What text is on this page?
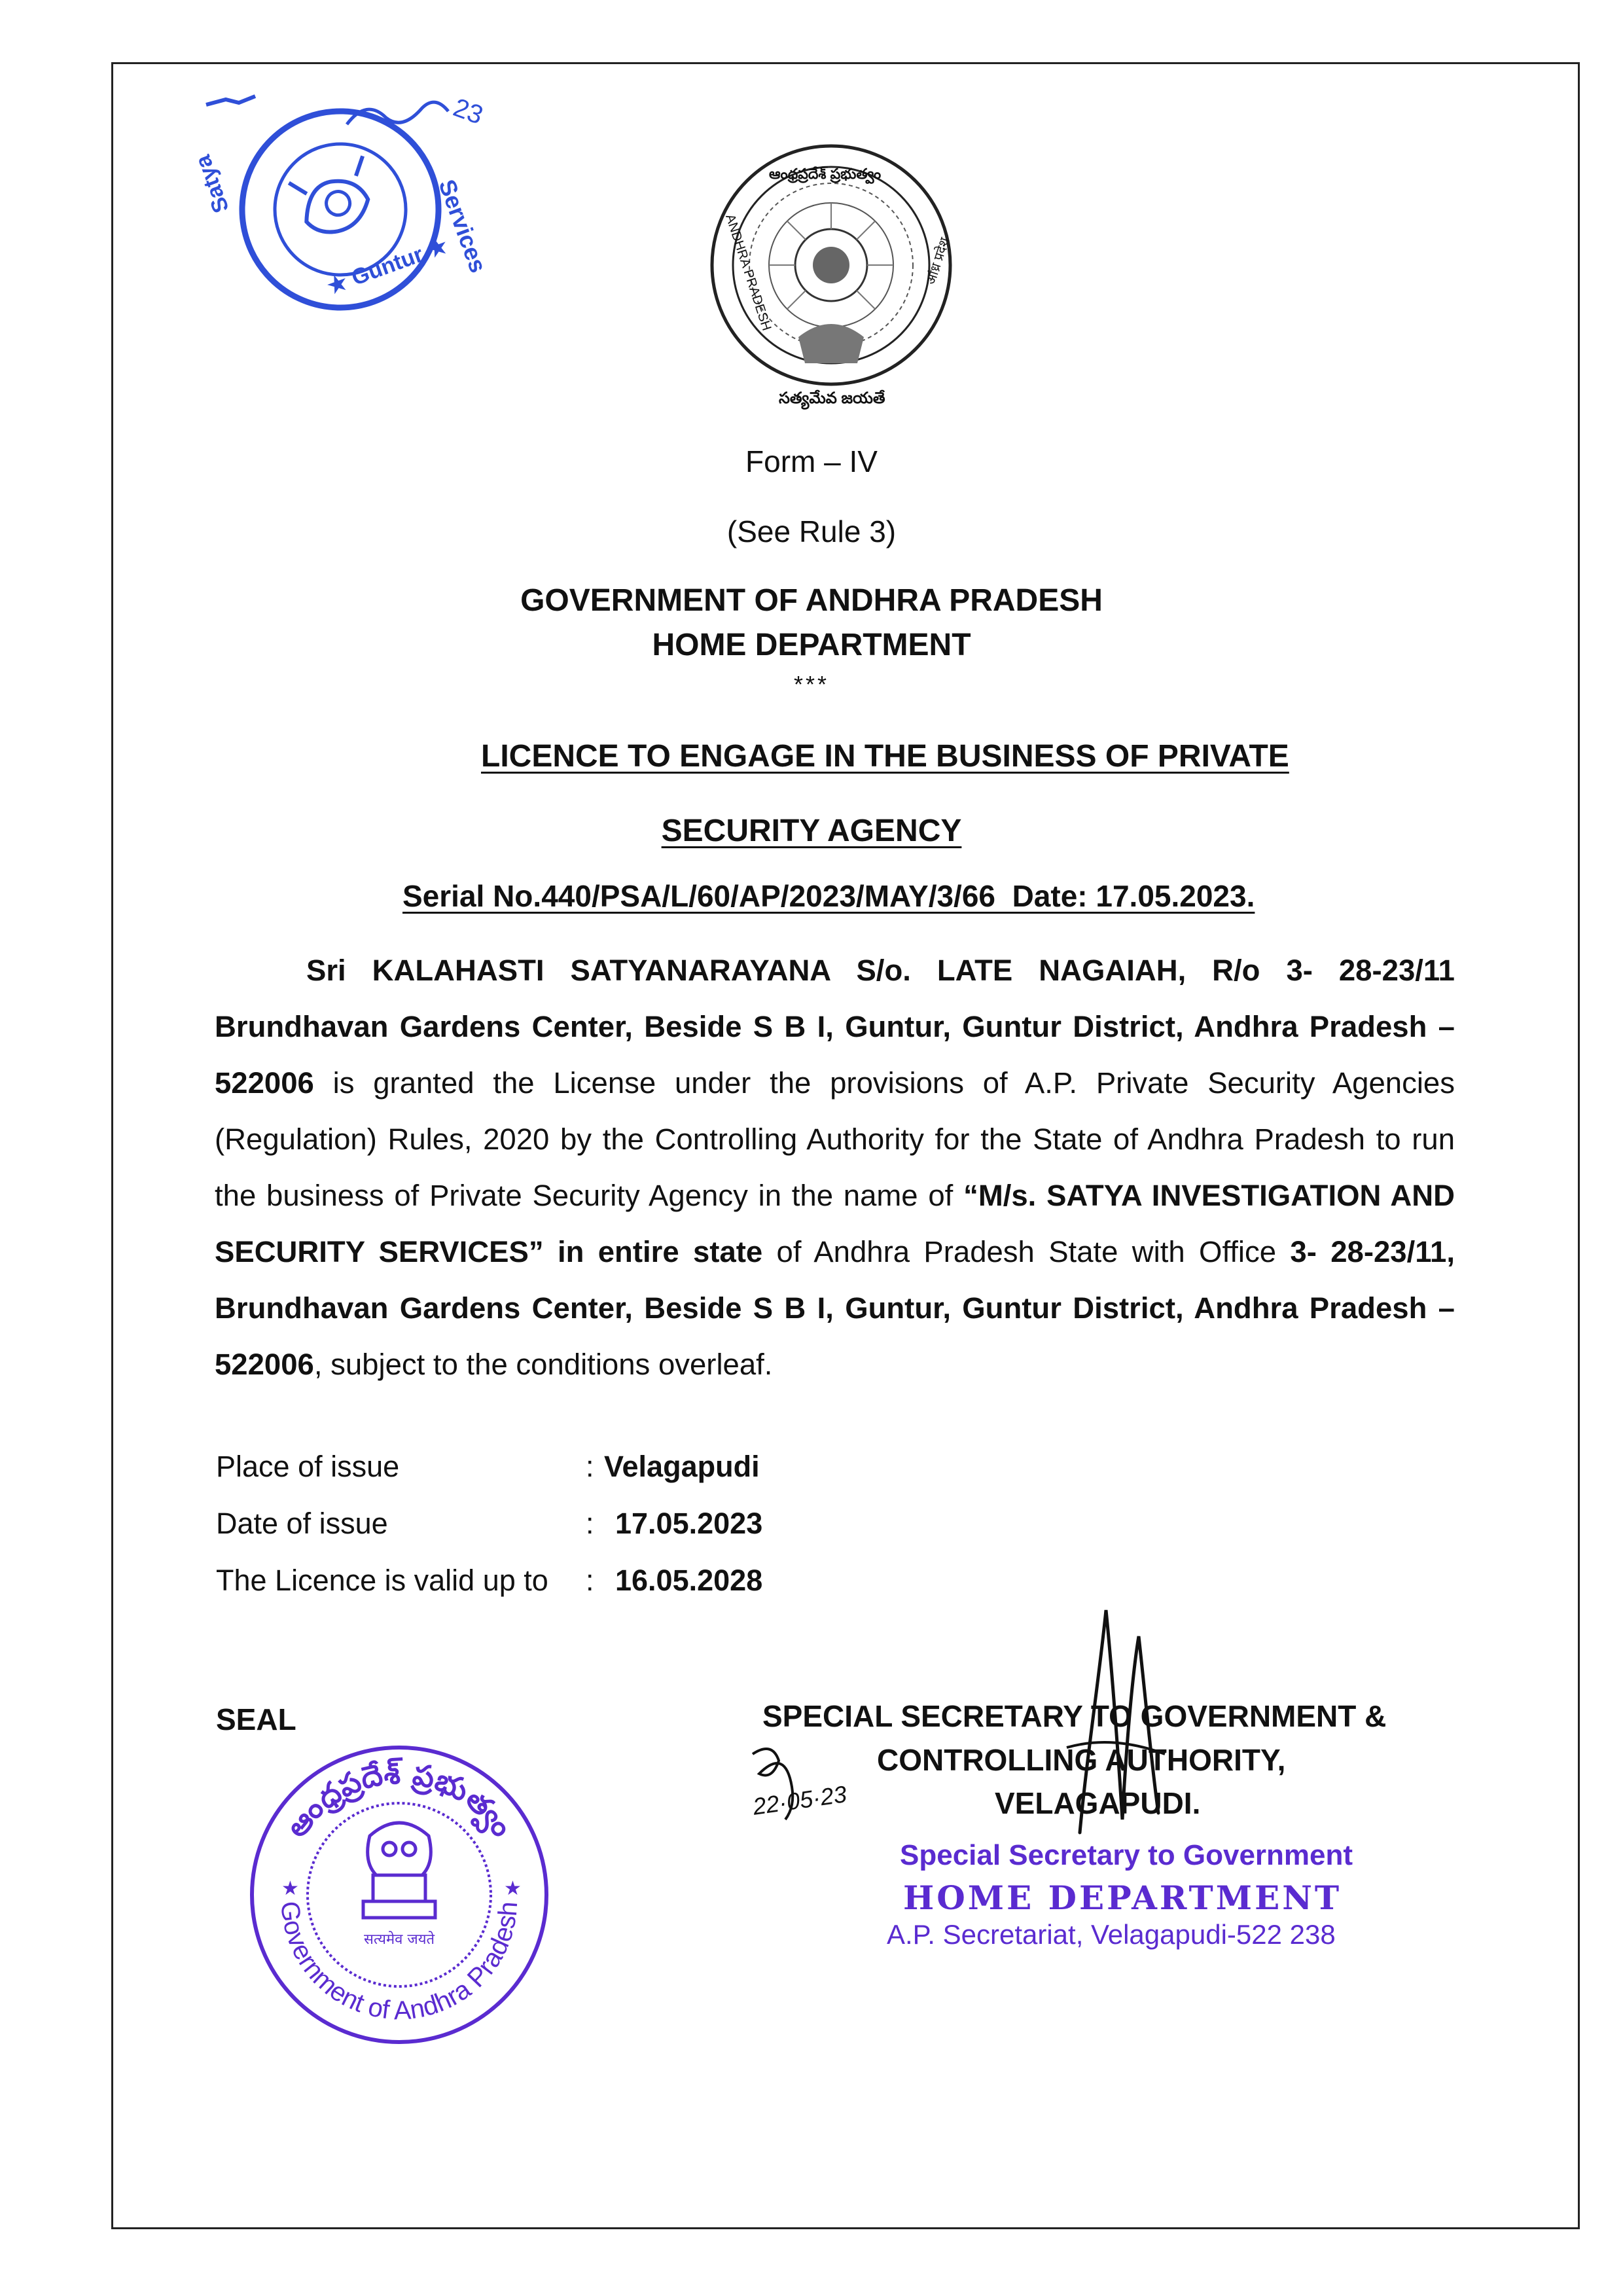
★ Guntur ★
Services
Satya
23
ఆంధ్రప్రదేశ్ ప్రభుత్వం
ANDHRA PRADESH	आंध्र प्रदेश
సత్యమేవ జయతే
Form – IV
(See Rule 3)
GOVERNMENT OF ANDHRA PRADESH
HOME DEPARTMENT
***
LICENCE TO ENGAGE IN THE BUSINESS OF PRIVATE
SECURITY AGENCY
Serial No.440/PSA/L/60/AP/2023/MAY/3/66  Date: 17.05.2023.
Sri KALAHASTI SATYANARAYANA S/o. LATE NAGAIAH, R/o 3- 28-23/11 Brundhavan Gardens Center, Beside S B I, Guntur, Guntur District, Andhra Pradesh – 522006 is granted the License under the provisions of A.P. Private Security Agencies (Regulation) Rules, 2020 by the Controlling Authority for the State of Andhra Pradesh to run the business of Private Security Agency in the name of “M/s. SATYA INVESTIGATION AND SECURITY SERVICES” in entire state of Andhra Pradesh State with Office 3- 28-23/11, Brundhavan Gardens Center, Beside S B I, Guntur, Guntur District, Andhra Pradesh – 522006, subject to the conditions overleaf.
Place of issue	: Velagapudi
Date of issue	: 17.05.2023
The Licence is valid up to : 16.05.2028
SEAL
ఆంధ్రప్రదేశ్ ప్రభుత్వం
Government of Andhra Pradesh
सत्यमेव जयते
★	★
SPECIAL SECRETARY TO GOVERNMENT &
CONTROLLING AUTHORITY,
VELAGAPUDI.
22·05·23
Special Secretary to Government
HOME DEPARTMENT
A.P. Secretariat, Velagapudi-522 238
